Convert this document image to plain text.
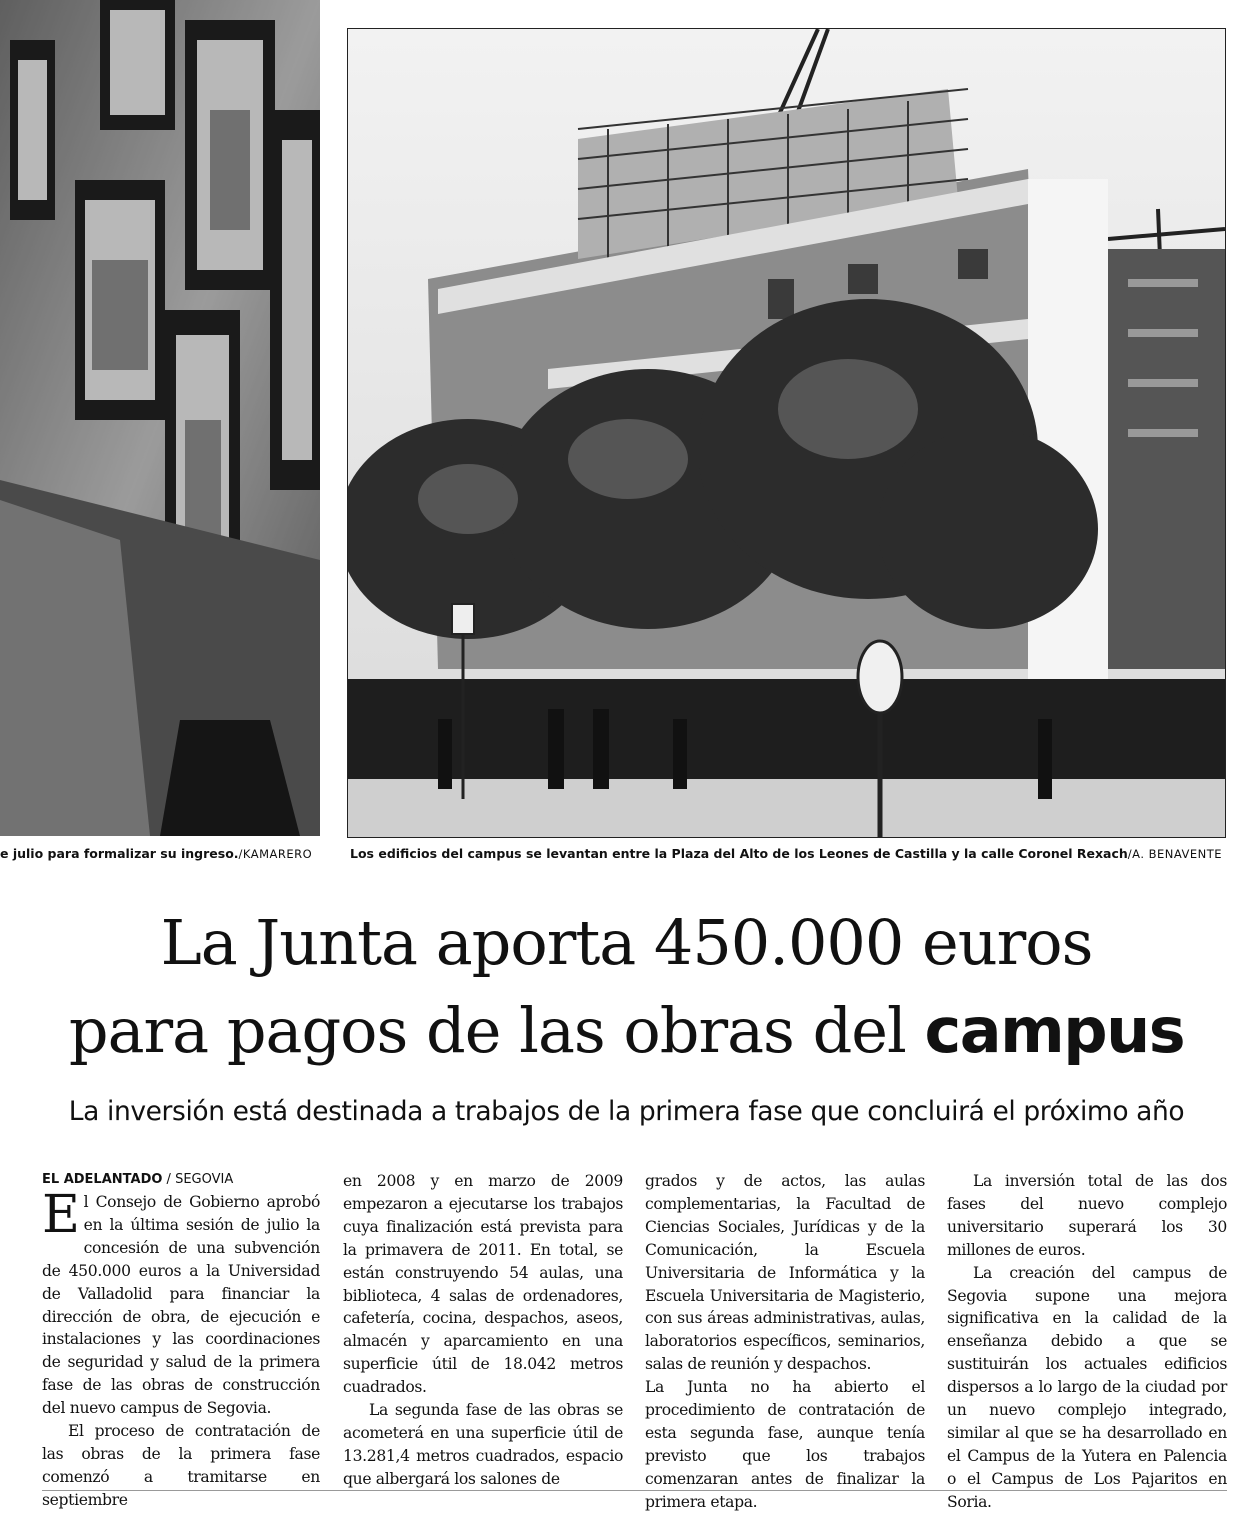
e julio para formalizar su ingreso./KAMARERO	Los edificios del campus se levantan entre la Plaza del Alto de los Leones de Castilla y la calle Coronel Rexach/A. BENAVENTE
La Junta aporta 450.000 euros
para pagos de las obras del campus
La inversión está destinada a trabajos de la primera fase que concluirá el próximo año
EL ADELANTADO / SEGOVIA

El Consejo de Gobierno aprobó en la última sesión de julio la concesión de una subvención de 450.000 euros a la Universidad de Valladolid para financiar la dirección de obra, de ejecución e instalaciones y las coordinaciones de seguridad y salud de la primera fase de las obras de construcción del nuevo campus de Segovia.

El proceso de contratación de las obras de la primera fase comenzó a tramitarse en septiembre

en 2008 y en marzo de 2009 empezaron a ejecutarse los trabajos cuya finalización está prevista para la primavera de 2011. En total, se están construyendo 54 aulas, una biblioteca, 4 salas de ordenadores, cafetería, cocina, despachos, aseos, almacén y aparcamiento en una superficie útil de 18.042 metros cuadrados.

La segunda fase de las obras se acometerá en una superficie útil de 13.281,4 metros cuadrados, espacio que albergará los salones de

grados y de actos, las aulas complementarias, la Facultad de Ciencias Sociales, Jurídicas y de la Comunicación, la Escuela Universitaria de Informática y la Escuela Universitaria de Magisterio, con sus áreas administrativas, aulas, laboratorios específicos, seminarios, salas de reunión y despachos.

La Junta no ha abierto el procedimiento de contratación de esta segunda fase, aunque tenía previsto que los trabajos comenzaran antes de finalizar la primera etapa.

La inversión total de las dos fases del nuevo complejo universitario superará los 30 millones de euros.

La creación del campus de Segovia supone una mejora significativa en la calidad de la enseñanza debido a que se sustituirán los actuales edificios dispersos a lo largo de la ciudad por un nuevo complejo integrado, similar al que se ha desarrollado en el Campus de la Yutera en Palencia o el Campus de Los Pajaritos en Soria.
